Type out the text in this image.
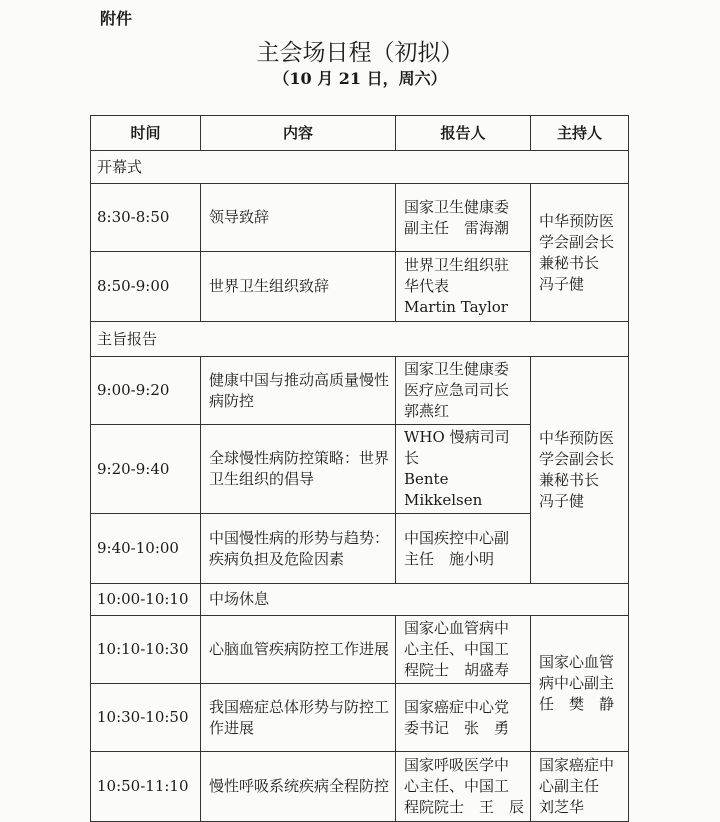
附件
主会场日程（初拟）
（10 月 21 日，周六）
时间	内容	报告人	主持人
开幕式			
8:30-8:50	领导致辞	国家卫生健康委
副主任　雷海潮	中华预防医
学会副会长
兼秘书长
冯子健

8:50-9:00	世界卫生组织致辞	世界卫生组织驻
华代表
Martin Taylor	

主旨报告			
9:00-9:20	健康中国与推动高质量慢性病防控	国家卫生健康委
医疗应急司司长
郭燕红	中华预防医
学会副会长
兼秘书长
冯子健

9:20-9:40	全球慢性病防控策略：世界卫生组织的倡导	WHO 慢病司司
长
Bente Mikkelsen	

9:40-10:00	中国慢性病的形势与趋势：疾病负担及危险因素	中国疾控中心副
主任　施小明	

10:00-10:10	中场休息		
10:10-10:30	心脑血管疾病防控工作进展	国家心血管病中
心主任、中国工
程院士　胡盛寿	国家心血管
病中心副主
任　樊　静

10:30-10:50	我国癌症总体形势与防控工作进展	国家癌症中心党
委书记　张　勇	

10:50-11:10	慢性呼吸系统疾病全程防控	国家呼吸医学中
心主任、中国工
程院院士　王　辰	国家癌症中
心副主任
刘芝华
